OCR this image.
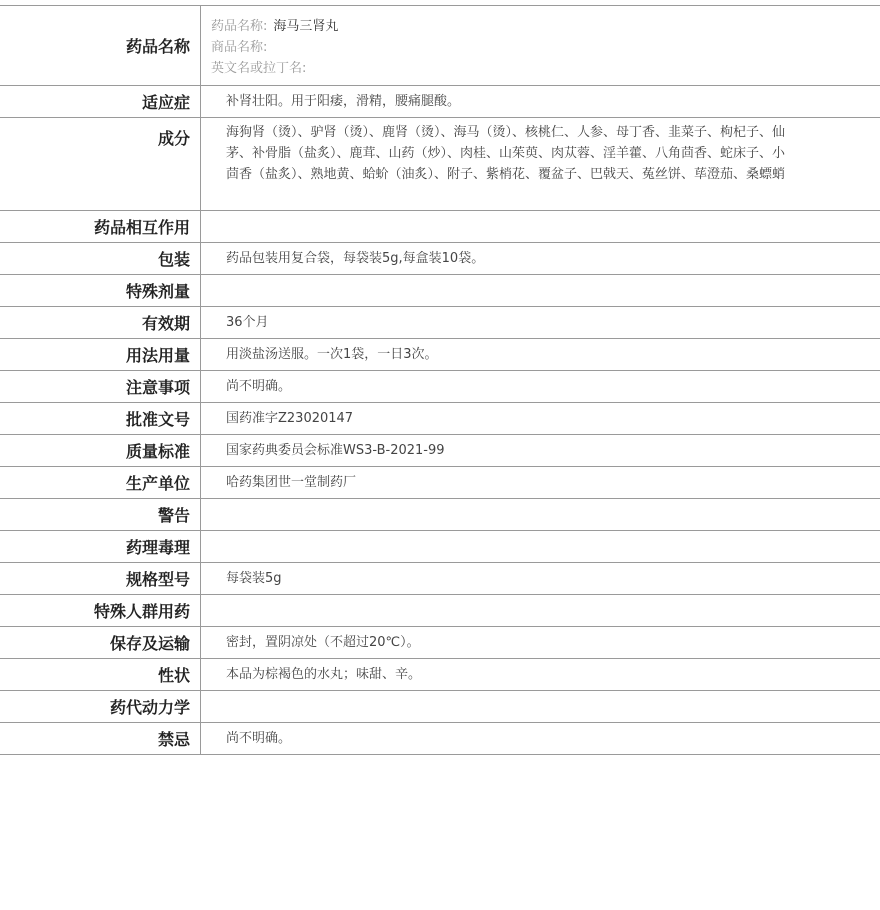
药品名称	药品名称: 海马三肾丸
商品名称:
英文名或拉丁名:

适应症	补肾壮阳。用于阳痿，滑精，腰痛腿酸。
成分	海狗肾（烫）、驴肾（烫）、鹿肾（烫）、海马（烫）、核桃仁、人参、母丁香、韭菜子、枸杞子、仙茅、补骨脂（盐炙）、鹿茸、山药（炒）、肉桂、山茱萸、肉苁蓉、淫羊藿、八角茴香、蛇床子、小茴香（盐炙）、熟地黄、蛤蚧（油炙）、附子、紫梢花、覆盆子、巴戟天、菟丝饼、荜澄茄、桑螵蛸

药品相互作用	
包装	药品包装用复合袋，每袋装5g,每盒装10袋。
特殊剂量	
有效期	36个月
用法用量	用淡盐汤送服。一次1袋，一日3次。
注意事项	尚不明确。
批准文号	国药准字Z23020147
质量标准	国家药典委员会标准WS3-B-2021-99
生产单位	哈药集团世一堂制药厂
警告	
药理毒理	
规格型号	每袋装5g
特殊人群用药	
保存及运输	密封，置阴凉处（不超过20℃）。
性状	本品为棕褐色的水丸；味甜、辛。
药代动力学	
禁忌	尚不明确。
